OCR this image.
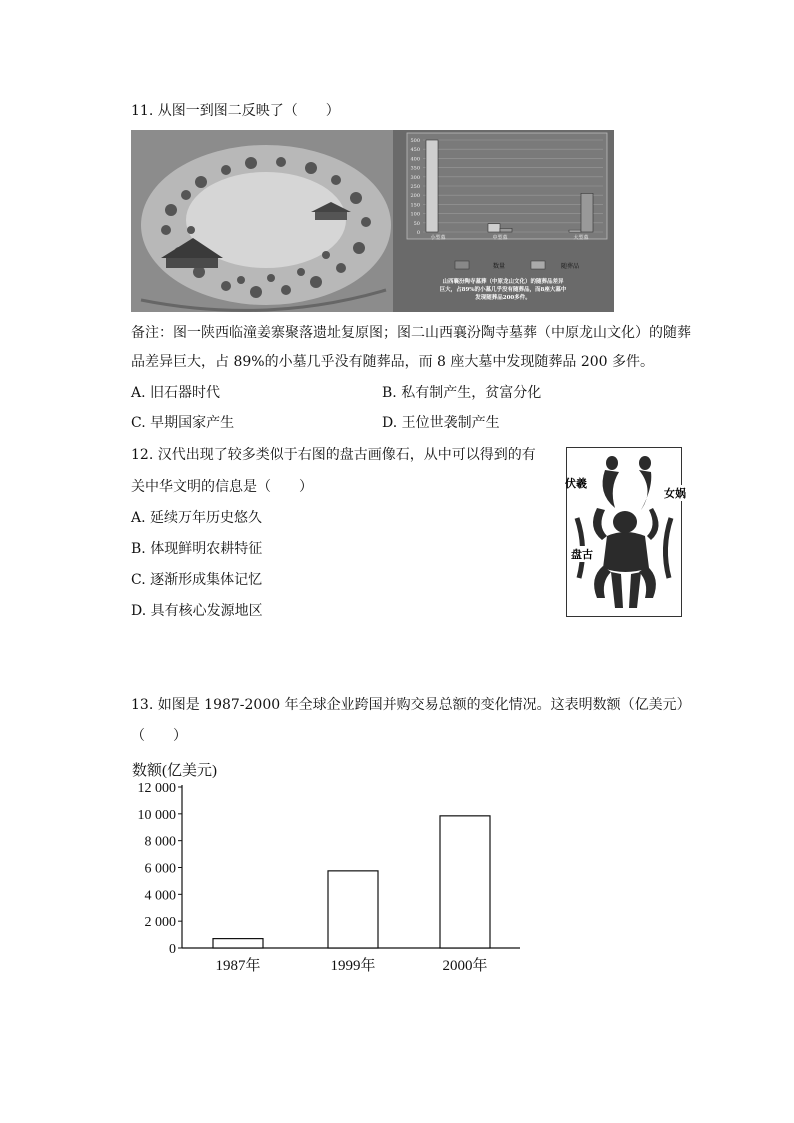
11. 从图一到图二反映了（　　）
0
50
100
150
200
250
300
350
400
450
500
小型墓	中型墓	大型墓
数量	随葬品
山西襄汾陶寺墓葬（中原龙山文化）的随葬品差异
巨大，占89%的小墓几乎没有随葬品，而8座大墓中
发现随葬品200多件。
备注：图一陕西临潼姜寨聚落遗址复原图；图二山西襄汾陶寺墓葬（中原龙山文化）的随葬
品差异巨大，占 89%的小墓几乎没有随葬品，而 8 座大墓中发现随葬品 200 多件。
A. 旧石器时代	B. 私有制产生，贫富分化
C. 早期国家产生	D. 王位世袭制产生
12. 汉代出现了较多类似于右图的盘古画像石，从中可以得到的有
关中华文明的信息是（　　）
A. 延续万年历史悠久
B. 体现鲜明农耕特征
C. 逐渐形成集体记忆
D. 具有核心发源地区
伏羲
女娲
盘古
13. 如图是 1987-2000 年全球企业跨国并购交易总额的变化情况。这表明数额（亿美元）
（　　）
数额(亿美元)
0
2 000
4 000
6 000
8 000
10 000
12 000
1987年	1999年	2000年
